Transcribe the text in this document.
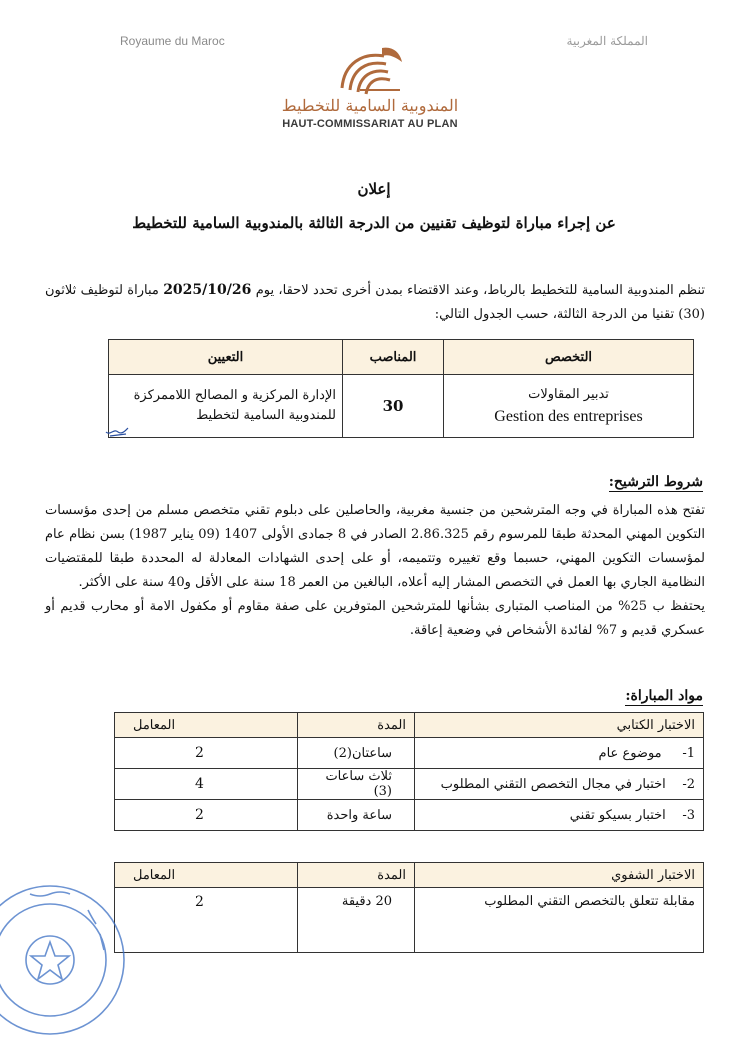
Royaume du Maroc	المملكة المغربية
المندوبية السامية للتخطيط
HAUT-COMMISSARIAT AU PLAN
إعلان
عن إجراء مباراة لتوظيف تقنيين من الدرجة الثالثة بالمندوبية السامية للتخطيط
تنظم المندوبية السامية للتخطيط بالرباط، وعند الاقتضاء بمدن أخرى تحدد لاحقا، يوم 2025/10/26 مباراة لتوظيف ثلاثون (30) تقنيا من الدرجة الثالثة، حسب الجدول التالي:
التخصص	المناصب	التعيين
تدبير المقاولات
Gestion des entreprises	30	الإدارة المركزية و المصالح اللاممركزة للمندوبية السامية لتخطيط
شروط الترشيح:
تفتح هذه المباراة في وجه المترشحين من جنسية مغربية، والحاصلين على دبلوم تقني متخصص مسلم من إحدى مؤسسات التكوين المهني المحدثة طبقا للمرسوم رقم 2.86.325 الصادر في 8 جمادى الأولى 1407 (09 يناير 1987) بسن نظام عام لمؤسسات التكوين المهني، حسبما وقع تغييره وتتميمه، أو على إحدى الشهادات المعادلة له المحددة طبقا للمقتضيات النظامية الجاري بها العمل في التخصص المشار إليه أعلاه، البالغين من العمر 18 سنة على الأقل و40 سنة على الأكثر.
يحتفظ ب 25% من المناصب المتبارى بشأنها للمترشحين المتوفرين على صفة مقاوم أو مكفول الامة أو محارب قديم أو عسكري قديم و 7% لفائدة الأشخاص في وضعية إعاقة.
مواد المباراة:
الاختبار الكتابي	المدة	المعامل
1-     موضوع عام	ساعتان(2)	2
2-    اختبار في مجال التخصص التقني المطلوب	ثلاث ساعات (3)	4
3-    اختبار بسيكو تقني	ساعة واحدة	2
الاختبار الشفوي	المدة	المعامل
مقابلة تتعلق بالتخصص التقني المطلوب	20 دقيقة	2
